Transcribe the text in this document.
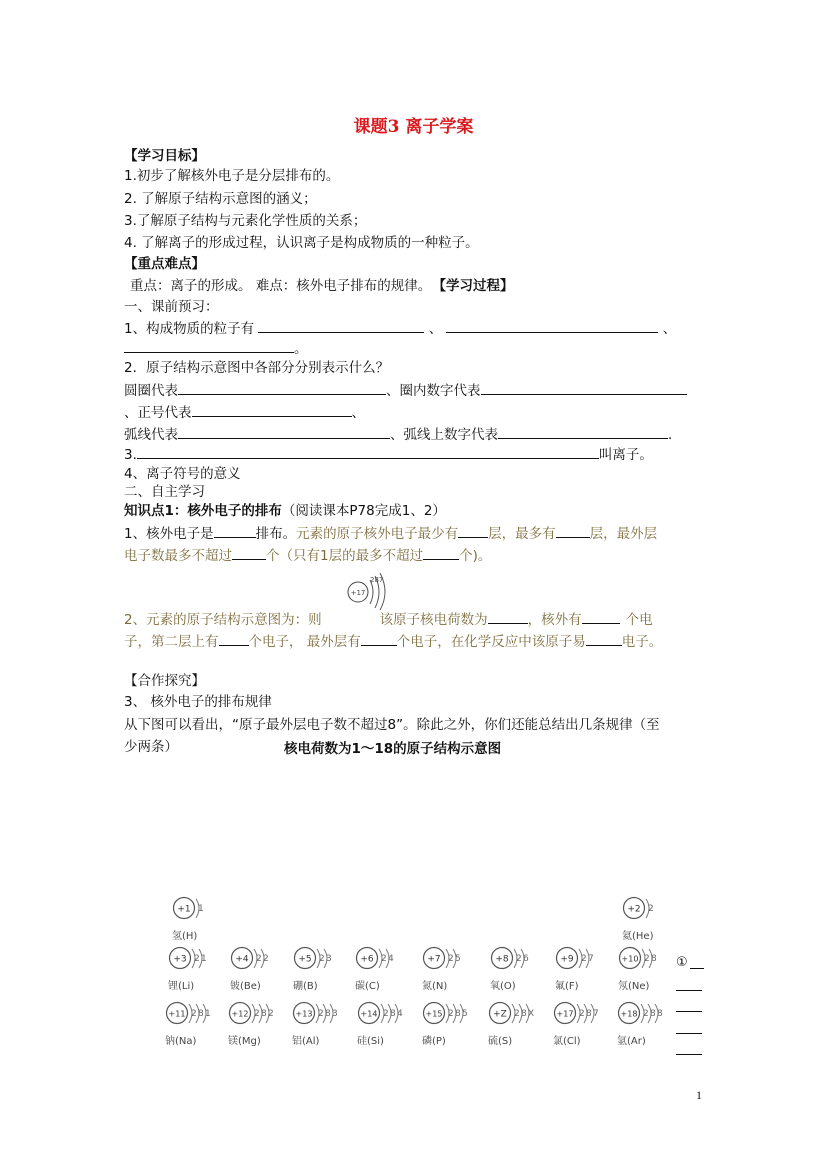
课题3 离子学案
【学习目标】
1.初步了解核外电子是分层排布的。
2. 了解原子结构示意图的涵义；
3.了解原子结构与元素化学性质的关系；
4. 了解离子的形成过程，认识离子是构成物质的一种粒子。
【重点难点】
重点：离子的形成。 难点：核外电子排布的规律。 【学习过程】
一、课前预习：
1、构成物质的粒子有	、	、
。
2．原子结构示意图中各部分分别表示什么？
圆圈代表	、圈内数字代表
、正号代表	、
弧线代表	、弧线上数字代表	.
3.	叫离子。
4、离子符号的意义
二、自主学习
知识点1：核外电子的排布（阅读课本P78完成1、2）
1、核外电子是	排布。元素的原子核外电子最少有 层，最多有	层，最外层
电子数最多不超过	个（只有1层的最多不超过	个)。
+17
287
2、元素的原子结构示意图为：则	该原子核电荷数为	，核外有	个电
子，第二层上有 个电子， 最外层有	个电子，在化学反应中该原子易	电子。
【合作探究】
3、 核外电子的排布规律
从下图可以看出，“原子最外层电子数不超过8”。除此之外，你们还能总结出几条规律（至
少两条）	核电荷数为1～18的原子结构示意图
+1 1
氢(H)
+2 2
氦(He)
+3 2 1
锂(Li)
+4 2 2
铍(Be)
+5 2 3
硼(B)
+6 2 4
碳(C)
+7 2 5
氮(N)
+8 2 6
氧(O)
+9 2 7
氟(F)
+10 2 8
氖(Ne)
+11 2 8 1
钠(Na)
+12 2 8 2
镁(Mg)
+13 2 8 3
铝(Al)
+14 2 8 4
硅(Si)
+15 2 8 5
磷(P)
+Z 2 8 X
硫(S)
+17 2 8 7
氯(Cl)
+18 2 8 8
氩(Ar)
①
1
